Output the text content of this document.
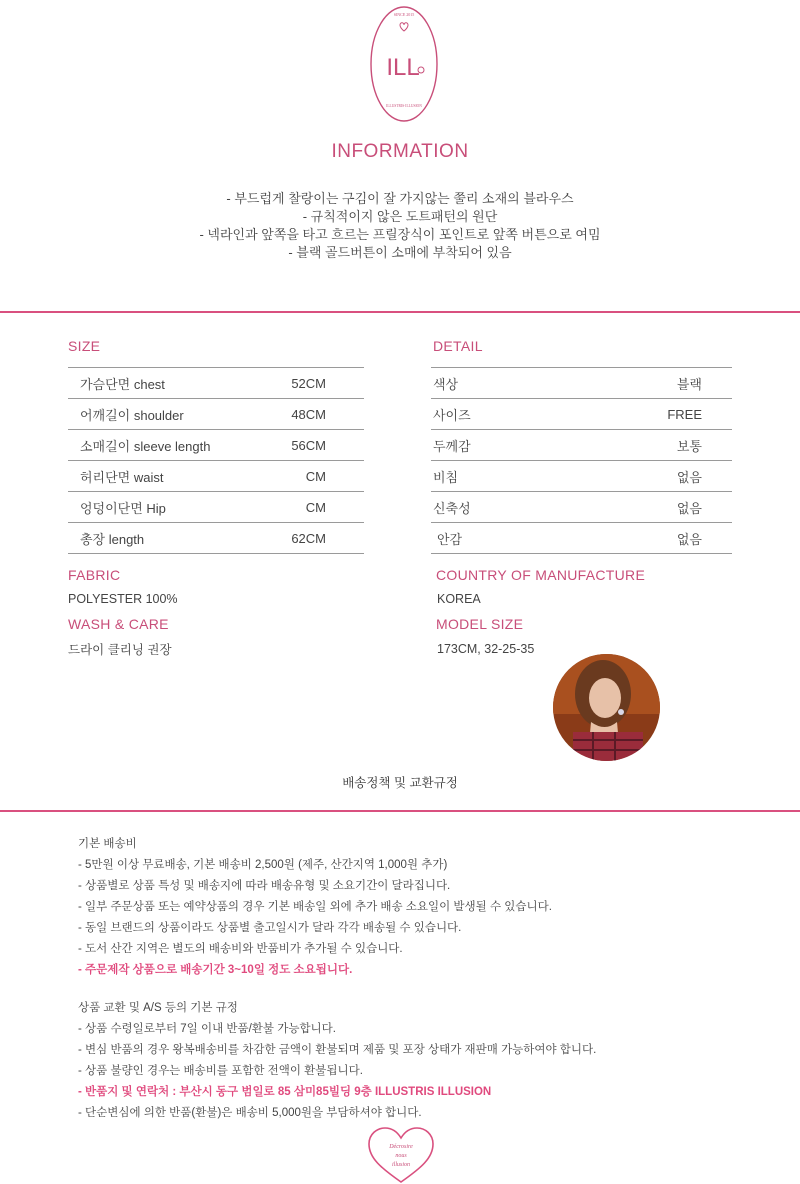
SINCE 2015
ILL
ILLUSTRIS·ILLUSION
INFORMATION
- 부드럽게 찰랑이는 구김이 잘 가지않는 쭐리 소재의 블라우스
- 규칙적이지 않은 도트패턴의 원단
- 넥라인과 앞쪽을 타고 흐르는 프릴장식이 포인트로 앞쪽 버튼으로 여밈
- 블랙 골드버튼이 소매에 부착되어 있음
SIZE
가슴단면 chest	52CM
어깨길이 shoulder	48CM
소매길이 sleeve length	56CM
허리단면 waist	CM
엉덩이단면 Hip	CM
총장 length	62CM
DETAIL
색상	블랙
사이즈	FREE
두께감	보통
비침	없음
신축성	없음
안감	없음
FABRIC
POLYESTER 100%
WASH & CARE
드라이 클리닝 권장
COUNTRY OF MANUFACTURE
KOREA
MODEL SIZE
173CM, 32-25-35
배송정책 및 교환규정
기본 배송비
- 5만원 이상 무료배송, 기본 배송비 2,500원 (제주, 산간지역 1,000원 추가)
- 상품별로 상품 특성 및 배송지에 따라 배송유형 및 소요기간이 달라집니다.
- 일부 주문상품 또는 예약상품의 경우 기본 배송일 외에 추가 배송 소요일이 발생될 수 있습니다.
- 동일 브랜드의 상품이라도 상품별 출고일시가 달라 각각 배송될 수 있습니다.
- 도서 산간 지역은 별도의 배송비와 반품비가 추가될 수 있습니다.
- 주문제작 상품으로 배송기간 3~10일 정도 소요됩니다.
상품 교환 및 A/S 등의 기본 규정
- 상품 수령일로부터 7일 이내 반품/환불 가능합니다.
- 변심 반품의 경우 왕복배송비를 차감한 금액이 환불되며 제품 및 포장 상태가 재판매 가능하여야 합니다.
- 상품 불량인 경우는 배송비를 포함한 전액이 환불됩니다.
- 반품지 및 연락처 : 부산시 동구 범일로 85 삼미85빌딩 9층 ILLUSTRIS ILLUSION
- 단순변심에 의한 반품(환불)은 배송비 5,000원을 부담하셔야 합니다.
Décrosire
nous
illusion
